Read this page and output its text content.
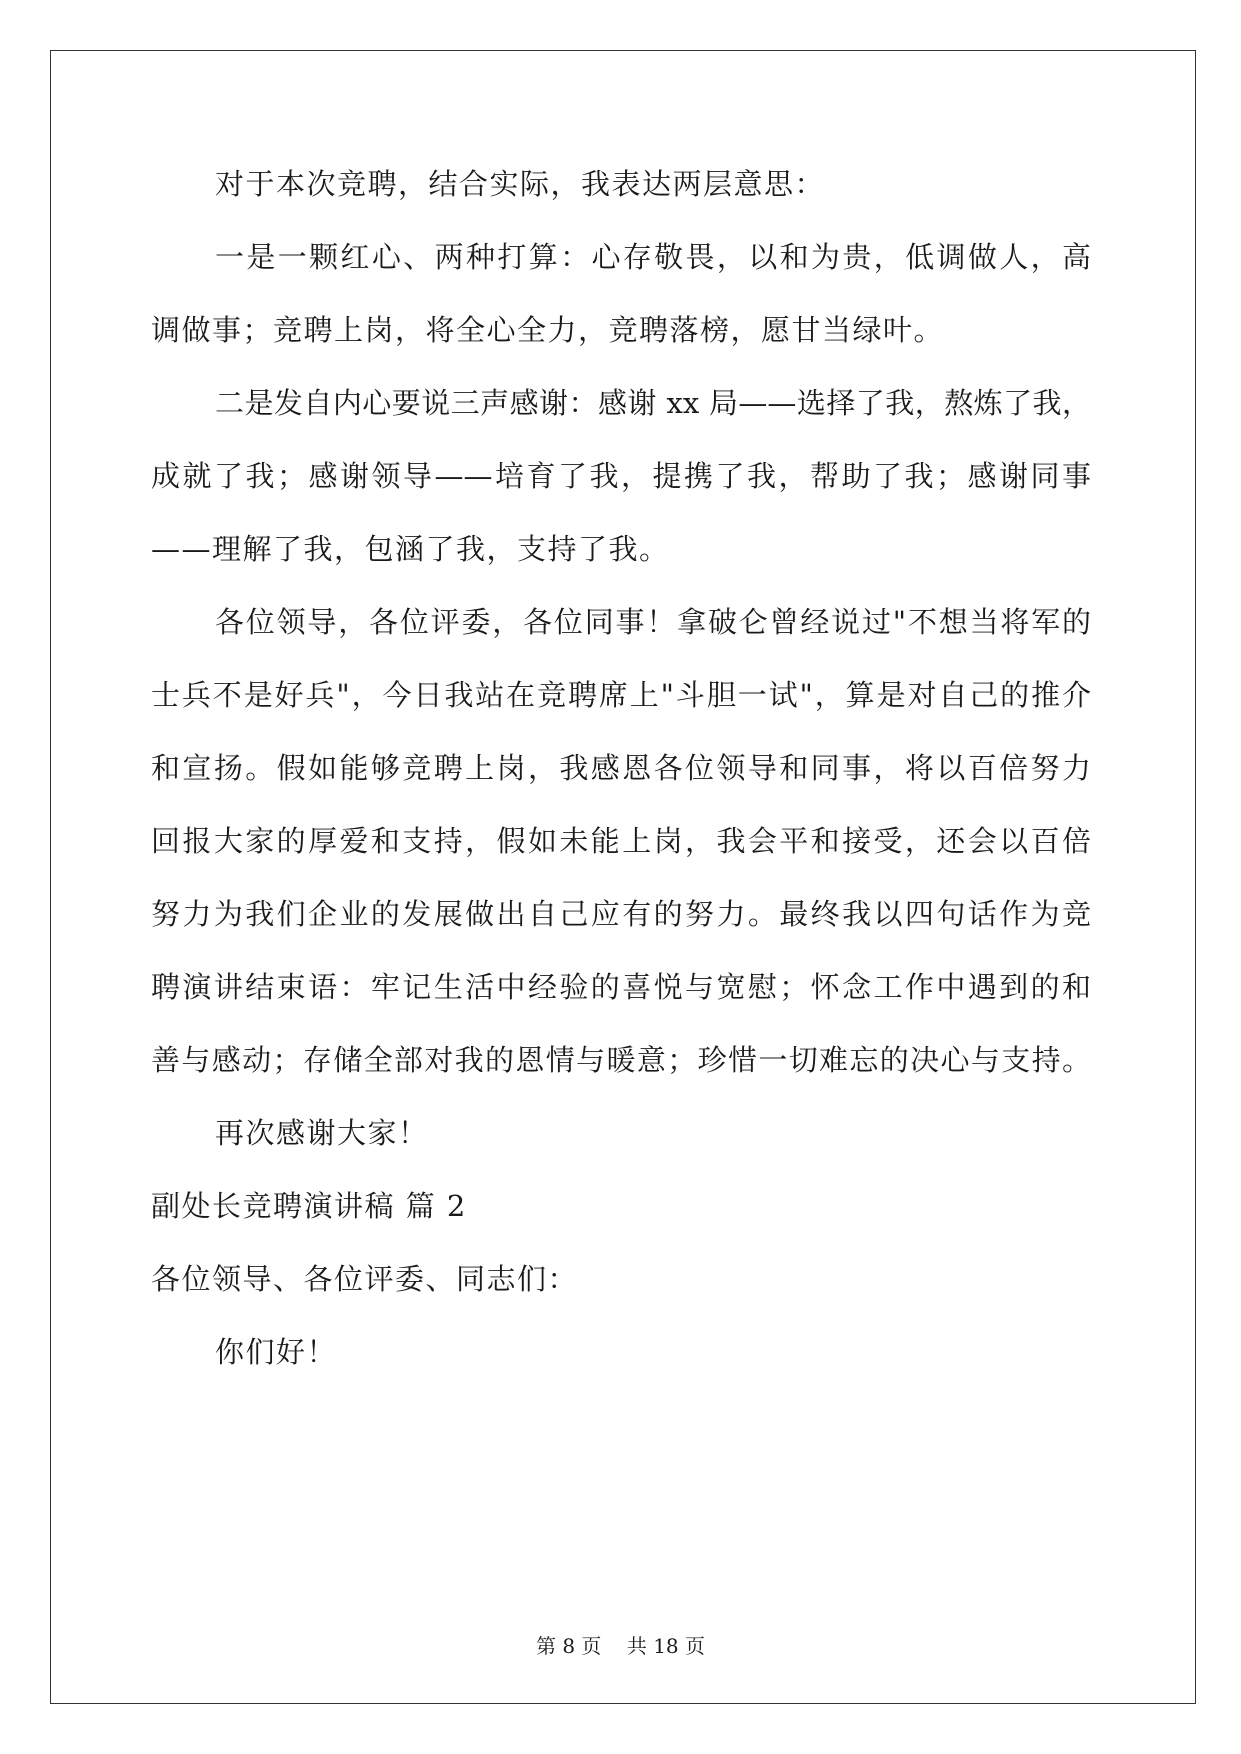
对于本次竞聘，结合实际，我表达两层意思：
一是一颗红心、两种打算：心存敬畏，以和为贵，低调做人，高
调做事；竞聘上岗，将全心全力，竞聘落榜，愿甘当绿叶。
二是发自内心要说三声感谢：感谢 xx 局——选择了我，熬炼了我，
成就了我；感谢领导——培育了我，提携了我，帮助了我；感谢同事
——理解了我，包涵了我，支持了我。
各位领导，各位评委，各位同事！拿破仑曾经说过"不想当将军的
士兵不是好兵"，今日我站在竞聘席上"斗胆一试"，算是对自己的推介
和宣扬。假如能够竞聘上岗，我感恩各位领导和同事，将以百倍努力
回报大家的厚爱和支持，假如未能上岗，我会平和接受，还会以百倍
努力为我们企业的发展做出自己应有的努力。最终我以四句话作为竞
聘演讲结束语：牢记生活中经验的喜悦与宽慰；怀念工作中遇到的和
善与感动；存储全部对我的恩情与暖意；珍惜一切难忘的决心与支持。
再次感谢大家！
副处长竞聘演讲稿 篇 2
各位领导、各位评委、同志们：
你们好！
第 8 页    共 18 页
